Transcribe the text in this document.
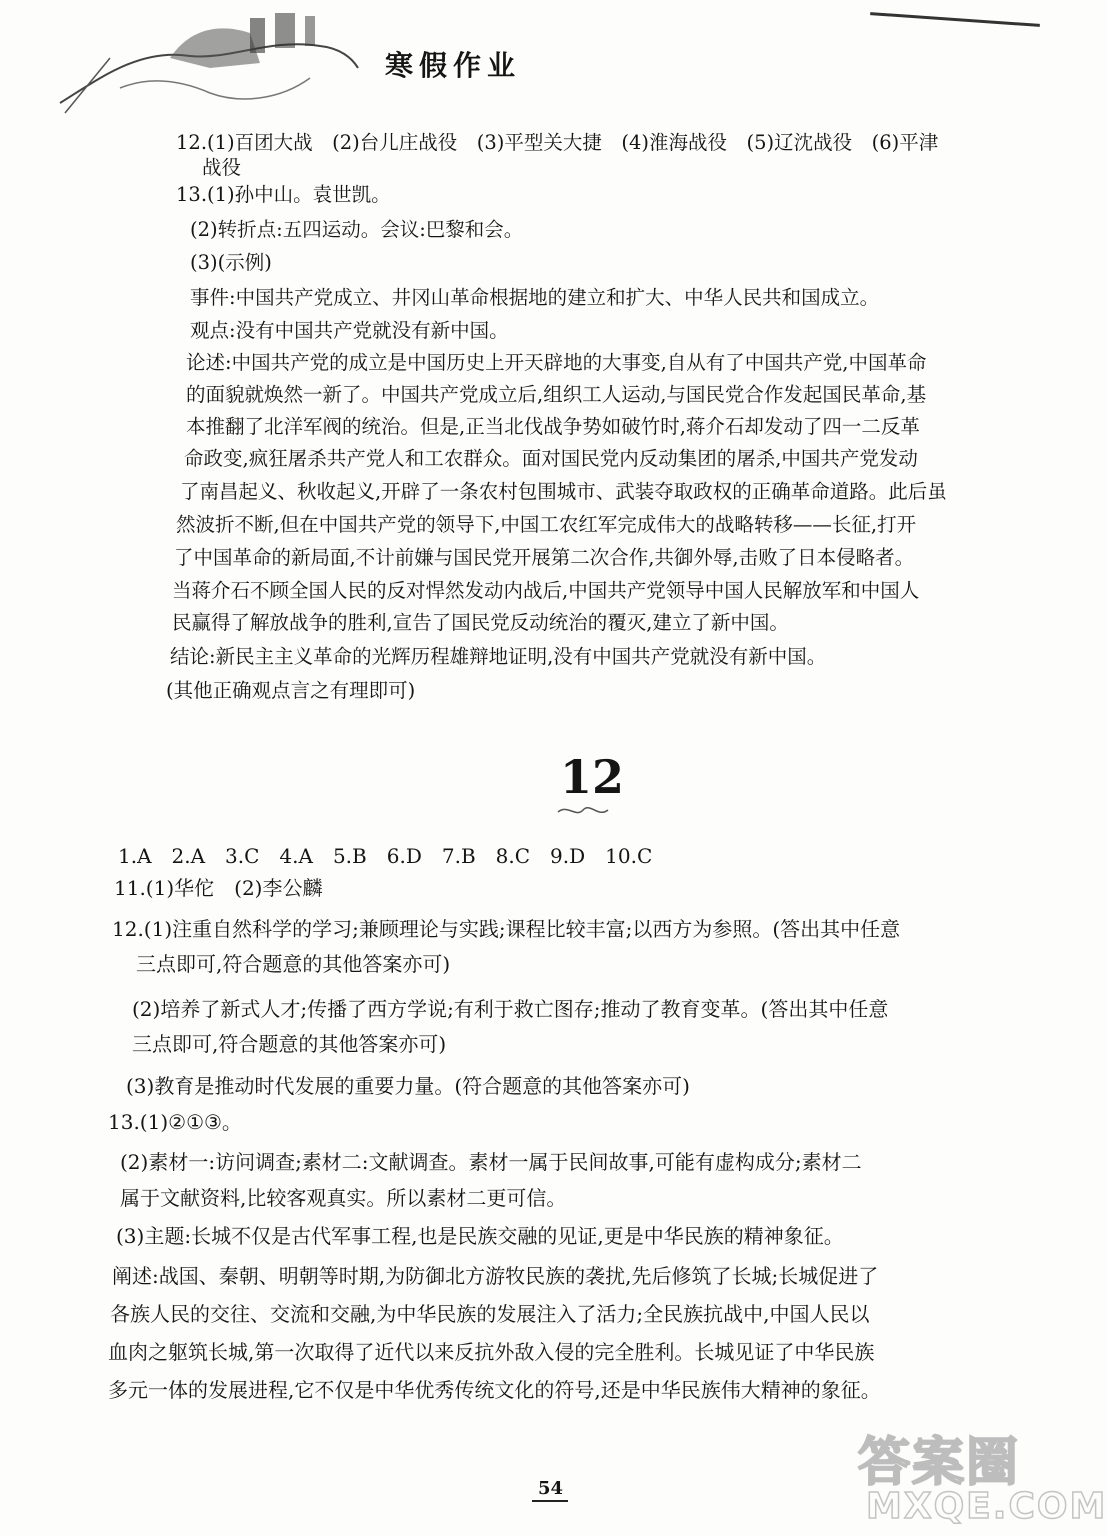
寒假作业
12.(1)百团大战　(2)台儿庄战役　(3)平型关大捷　(4)淮海战役　(5)辽沈战役　(6)平津
战役
13.(1)孙中山。袁世凯。
(2)转折点:五四运动。会议:巴黎和会。
(3)(示例)
事件:中国共产党成立、井冈山革命根据地的建立和扩大、中华人民共和国成立。
观点:没有中国共产党就没有新中国。
论述:中国共产党的成立是中国历史上开天辟地的大事变,自从有了中国共产党,中国革命
的面貌就焕然一新了。中国共产党成立后,组织工人运动,与国民党合作发起国民革命,基
本推翻了北洋军阀的统治。但是,正当北伐战争势如破竹时,蒋介石却发动了四一二反革
命政变,疯狂屠杀共产党人和工农群众。面对国民党内反动集团的屠杀,中国共产党发动
了南昌起义、秋收起义,开辟了一条农村包围城市、武装夺取政权的正确革命道路。此后虽
然波折不断,但在中国共产党的领导下,中国工农红军完成伟大的战略转移——长征,打开
了中国革命的新局面,不计前嫌与国民党开展第二次合作,共御外辱,击败了日本侵略者。
当蒋介石不顾全国人民的反对悍然发动内战后,中国共产党领导中国人民解放军和中国人
民赢得了解放战争的胜利,宣告了国民党反动统治的覆灭,建立了新中国。
结论:新民主主义革命的光辉历程雄辩地证明,没有中国共产党就没有新中国。
(其他正确观点言之有理即可)
12
1.A　2.A　3.C　4.A　5.B　6.D　7.B　8.C　9.D　10.C
11.(1)华佗　(2)李公麟
12.(1)注重自然科学的学习;兼顾理论与实践;课程比较丰富;以西方为参照。(答出其中任意
三点即可,符合题意的其他答案亦可)
(2)培养了新式人才;传播了西方学说;有利于救亡图存;推动了教育变革。(答出其中任意
三点即可,符合题意的其他答案亦可)
(3)教育是推动时代发展的重要力量。(符合题意的其他答案亦可)
13.(1)②①③。
(2)素材一:访问调查;素材二:文献调查。素材一属于民间故事,可能有虚构成分;素材二
属于文献资料,比较客观真实。所以素材二更可信。
(3)主题:长城不仅是古代军事工程,也是民族交融的见证,更是中华民族的精神象征。
阐述:战国、秦朝、明朝等时期,为防御北方游牧民族的袭扰,先后修筑了长城;长城促进了
各族人民的交往、交流和交融,为中华民族的发展注入了活力;全民族抗战中,中国人民以
血肉之躯筑长城,第一次取得了近代以来反抗外敌入侵的完全胜利。长城见证了中华民族
多元一体的发展进程,它不仅是中华优秀传统文化的符号,还是中华民族伟大精神的象征。
54	答案圈
MXQE.COM
